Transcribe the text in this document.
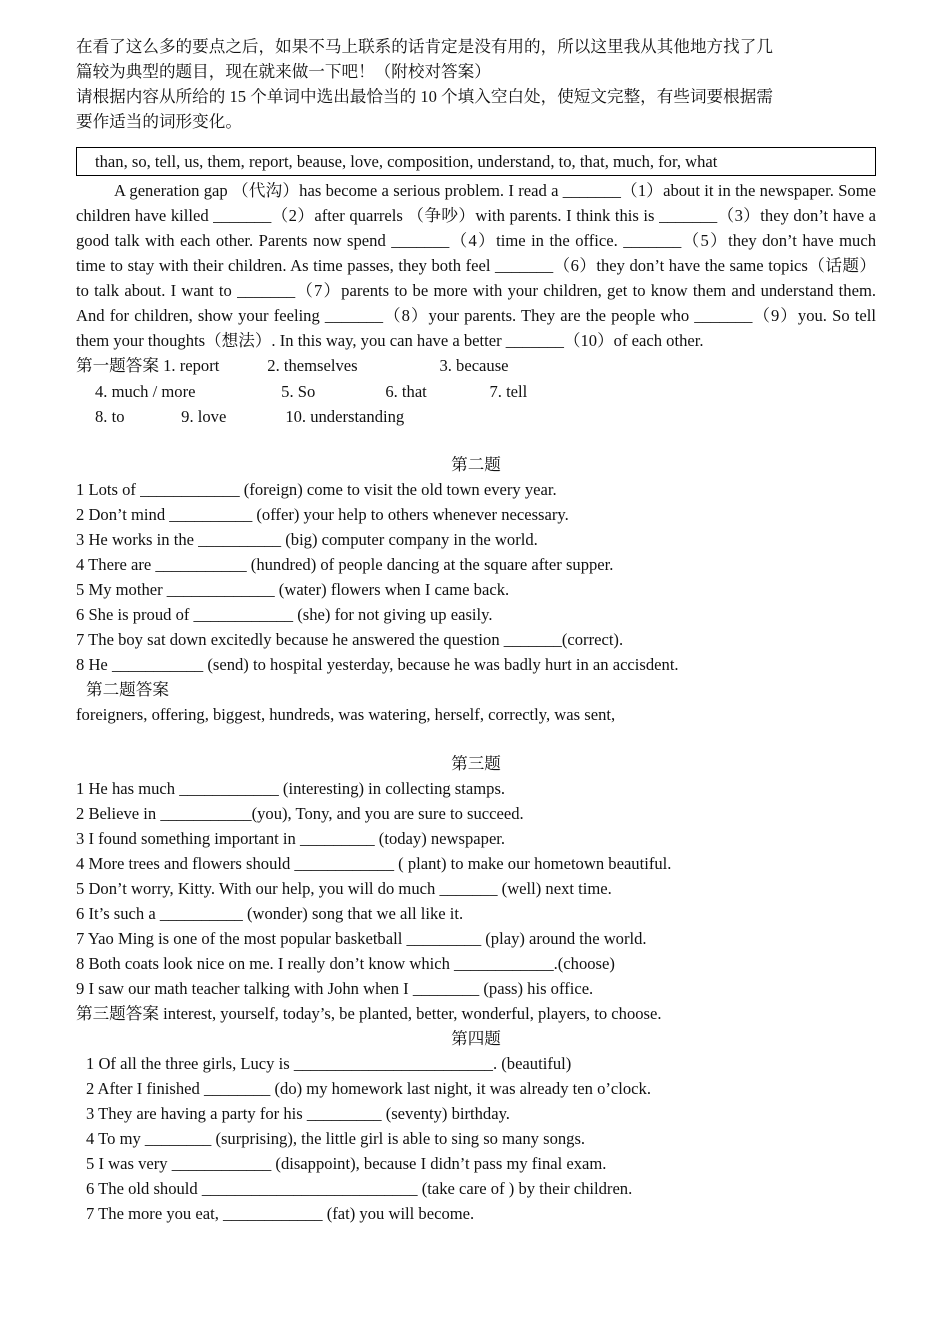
在看了这么多的要点之后，如果不马上联系的话肯定是没有用的，所以这里我从其他地方找了几
篇较为典型的题目，现在就来做一下吧！（附校对答案）
请根据内容从所给的 15 个单词中选出最恰当的 10 个填入空白处，使短文完整，有些词要根据需
要作适当的词形变化。
than, so, tell, us, them, report, beause, love, composition, understand, to, that, much, for, what
A generation gap （代沟）has become a serious problem. I read a _______（1）about it in the newspaper. Some children have killed _______（2）after quarrels （争吵）with parents. I think this is _______（3）they don’t have a good talk with each other. Parents now spend _______（4）time in the office. _______（5）they don’t have much time to stay with their children. As time passes, they both feel _______（6）they don’t have the same topics（话题）to talk about. I want to _______（7）parents to be more with your children, get to know them and understand them. And for children, show your feeling _______（8）your parents. They are the people who _______（9）you. So tell them your thoughts（想法）. In this way, you can have a better _______（10）of each other.
第一题答案 1. report	2. themselves	3. because
4. much / more	5. So	6. that	7. tell
8. to	9. love	10. understanding
第二题
1 Lots of ____________ (foreign) come to visit the old town every year.
2 Don’t mind __________ (offer) your help to others whenever necessary.
3 He works in the __________ (big) computer company in the world.
4 There are ___________ (hundred) of people dancing at the square after supper.
5 My mother _____________ (water) flowers when I came back.
6 She is proud of ____________ (she) for not giving up easily.
7 The boy sat down excitedly because he answered the question _______(correct).
8 He ___________ (send) to hospital yesterday, because he was badly hurt in an accisdent.
第二题答案
foreigners, offering, biggest, hundreds, was watering, herself, correctly, was sent,
第三题
1 He has much ____________ (interesting) in collecting stamps.
2 Believe in ___________(you), Tony, and you are sure to succeed.
3 I found something important in _________ (today) newspaper.
4 More trees and flowers should ____________ ( plant) to make our hometown beautiful.
5 Don’t worry, Kitty. With our help, you will do much _______ (well) next time.
6 It’s such a __________ (wonder) song that we all like it.
7 Yao Ming is one of the most popular basketball _________ (play) around the world.
8 Both coats look nice on me. I really don’t know which ____________.(choose)
9 I saw our math teacher talking with John when I ________ (pass) his office.
第三题答案 interest, yourself, today’s, be planted, better, wonderful, players, to choose.
第四题
1 Of all the three girls, Lucy is ________________________. (beautiful)
2 After I finished ________ (do) my homework last night, it was already ten o’clock.
3 They are having a party for his _________ (seventy) birthday.
4 To my ________ (surprising), the little girl is able to sing so many songs.
5 I was very ____________ (disappoint), because I didn’t pass my final exam.
6 The old should __________________________ (take care of ) by their children.
7 The more you eat, ____________ (fat) you will become.
